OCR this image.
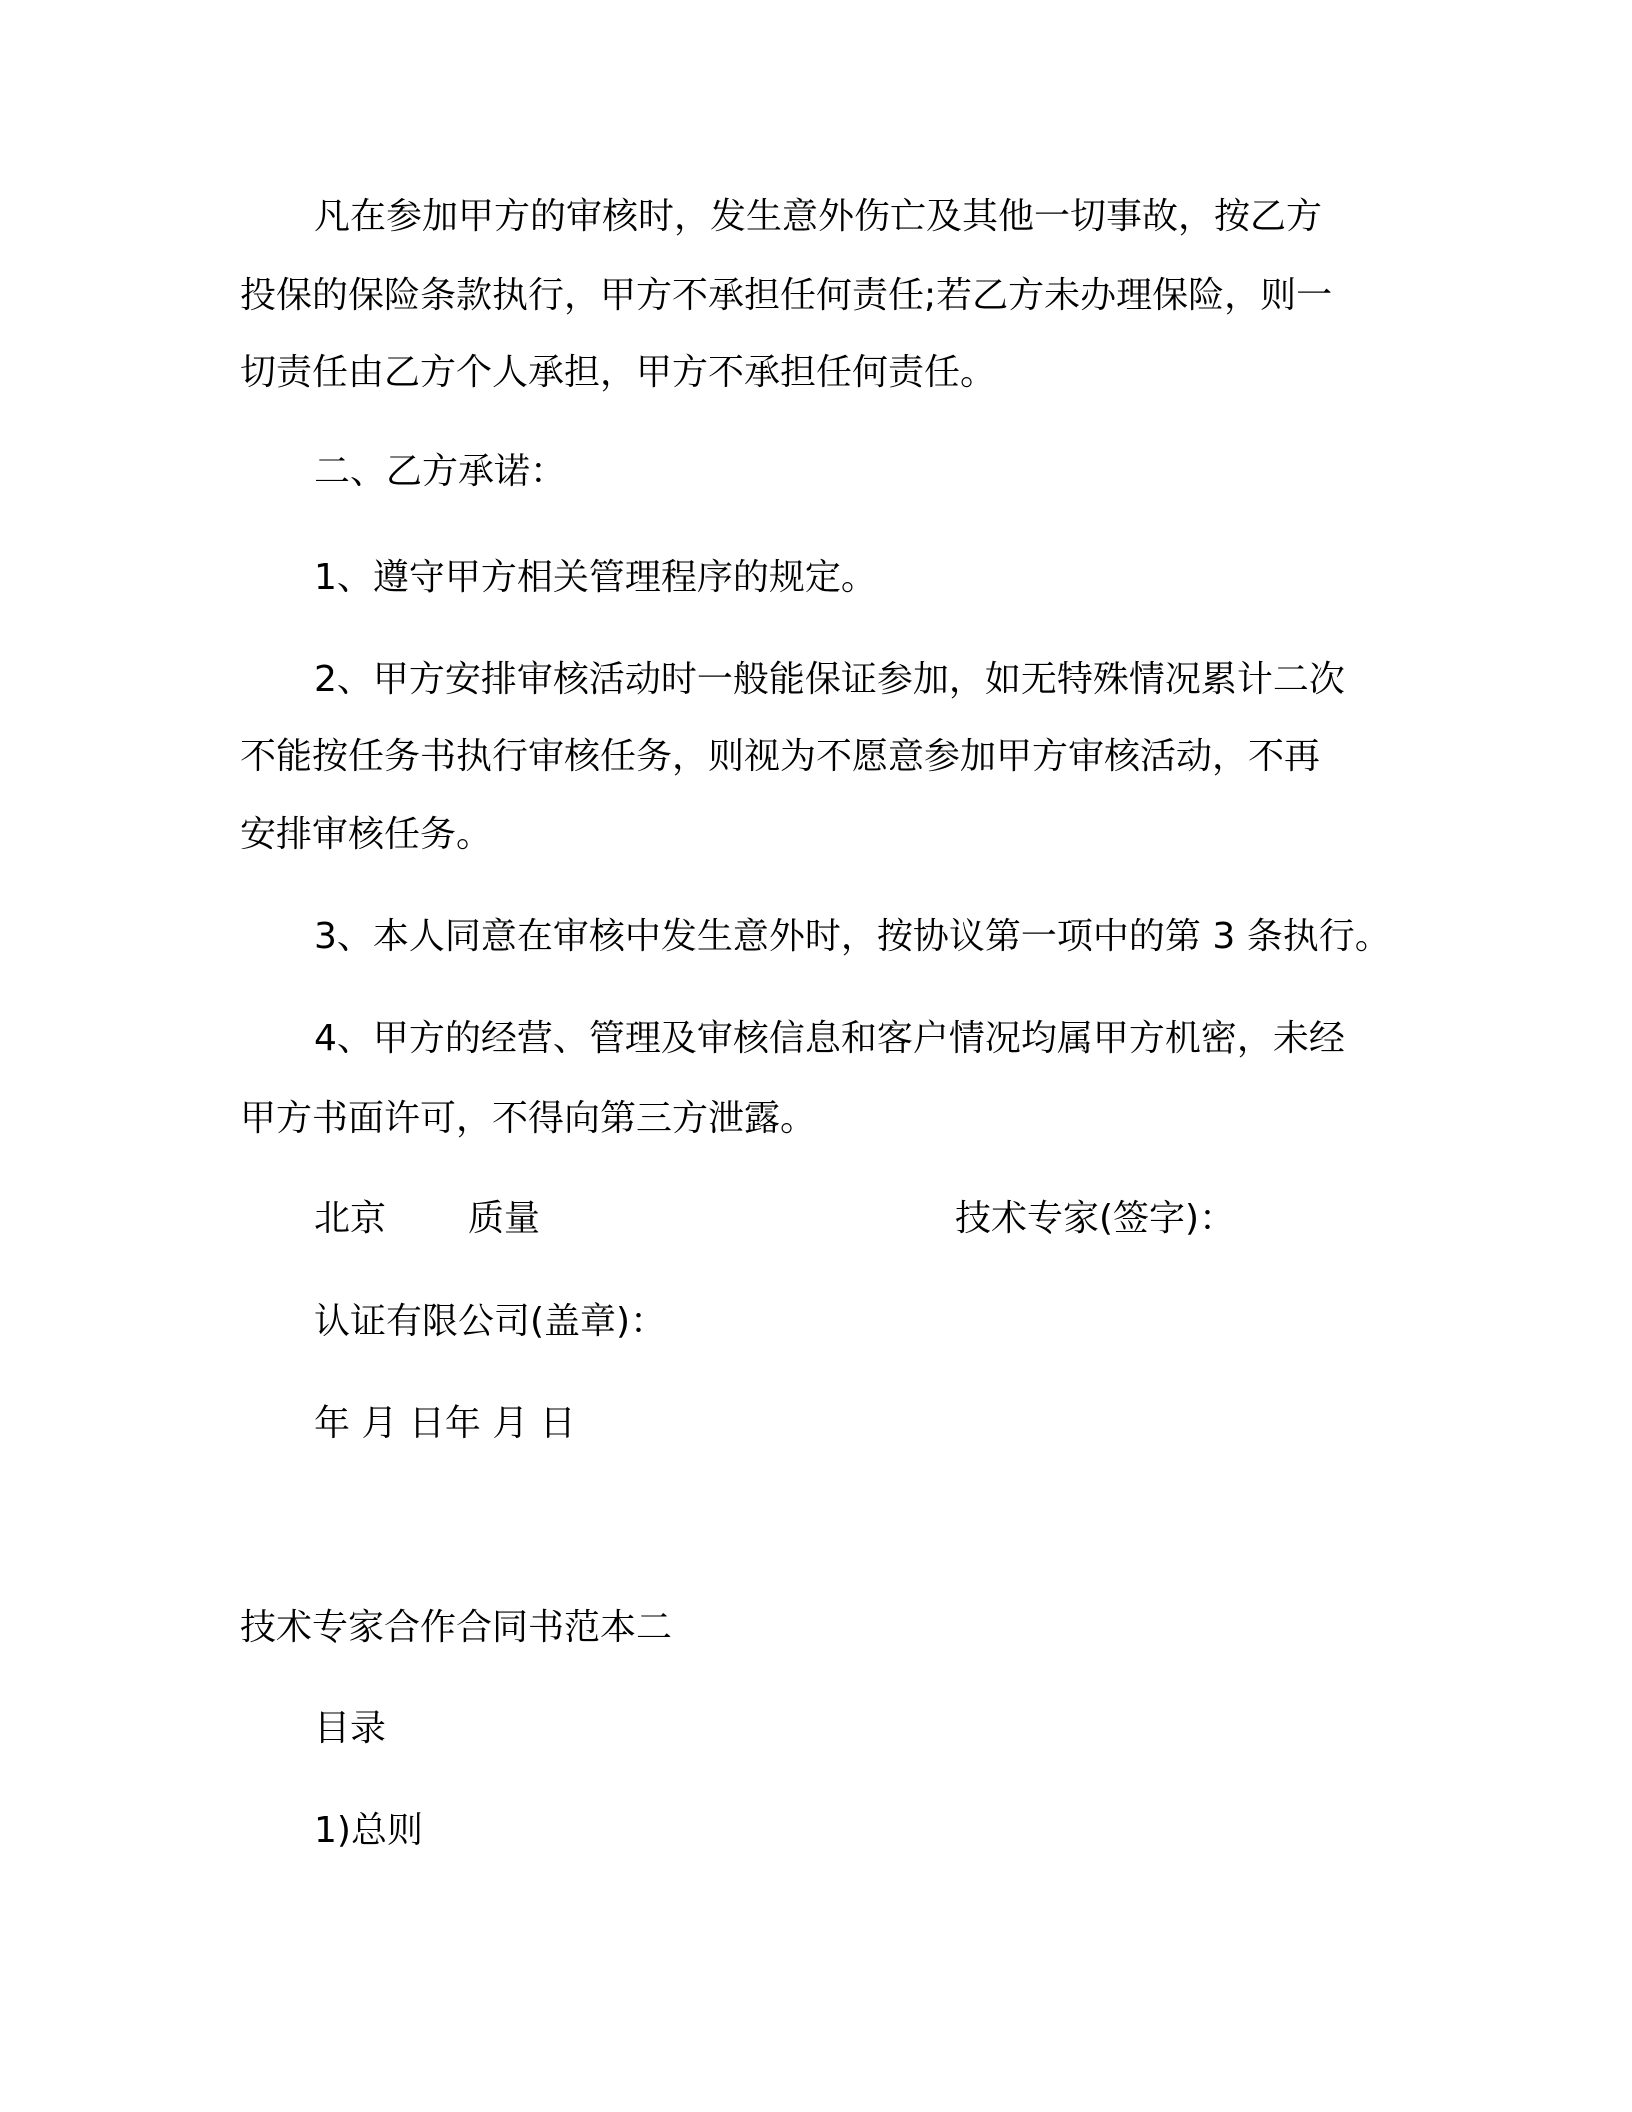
凡在参加甲方的审核时，发生意外伤亡及其他一切事故，按乙方
投保的保险条款执行，甲方不承担任何责任;若乙方未办理保险，则一
切责任由乙方个人承担，甲方不承担任何责任。
二、乙方承诺：
1、遵守甲方相关管理程序的规定。
2、甲方安排审核活动时一般能保证参加，如无特殊情况累计二次
不能按任务书执行审核任务，则视为不愿意参加甲方审核活动，不再
安排审核任务。
3、本人同意在审核中发生意外时，按协议第一项中的第 3 条执行。
4、甲方的经营、管理及审核信息和客户情况均属甲方机密，未经
甲方书面许可，不得向第三方泄露。
北京 质量	技术专家(签字)：
认证有限公司(盖章)：
年 月 日年 月 日
技术专家合作合同书范本二
目录
1)总则
